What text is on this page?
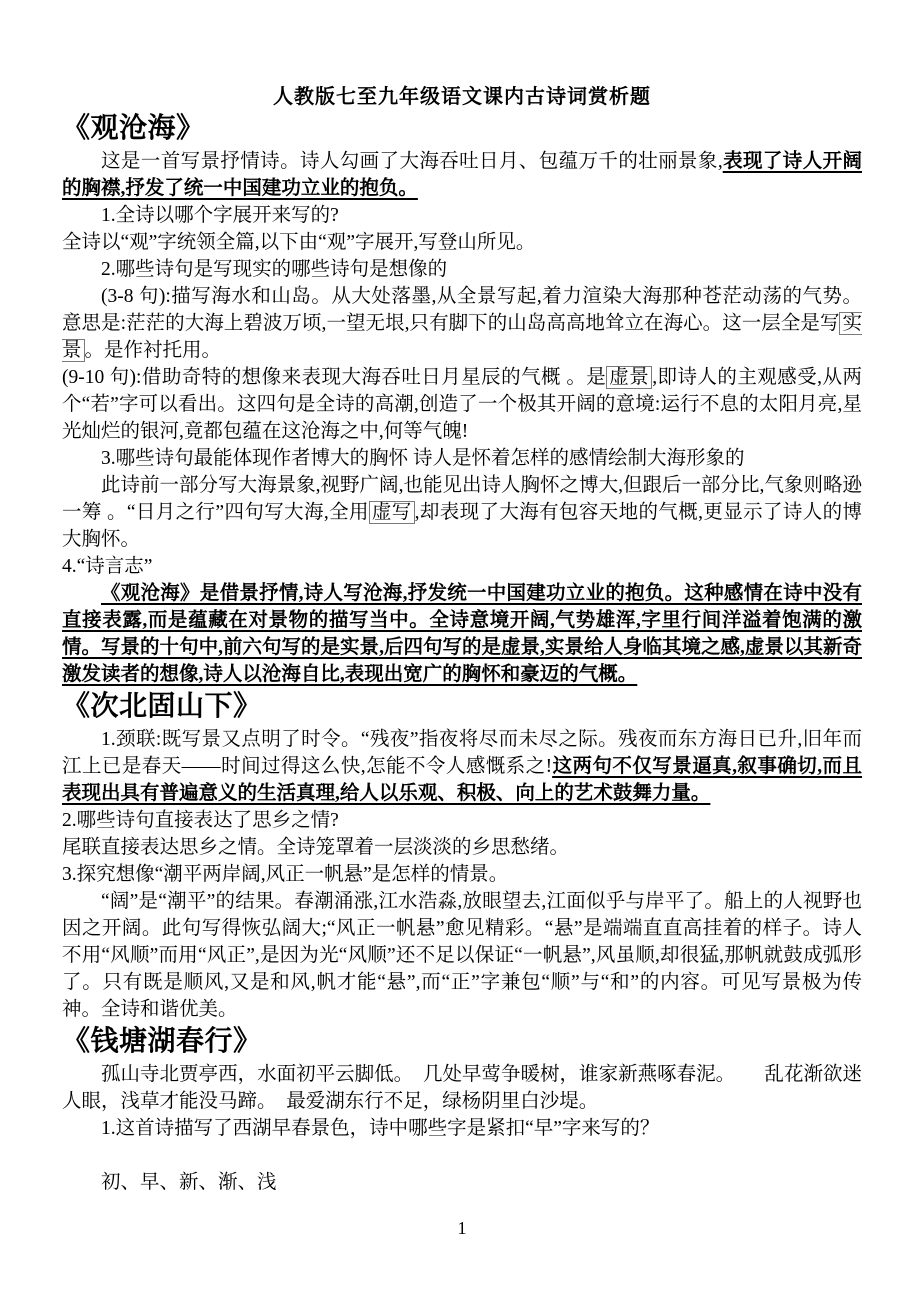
人教版七至九年级语文课内古诗词赏析题
《观沧海》
这是一首写景抒情诗。诗人勾画了大海吞吐日月、包蕴万千的壮丽景象,表现了诗人开阔的胸襟,抒发了统一中国建功立业的抱负。
1.全诗以哪个字展开来写的?
全诗以“观”字统领全篇,以下由“观”字展开,写登山所见。
2.哪些诗句是写现实的哪些诗句是想像的
(3-8 句):描写海水和山岛。从大处落墨,从全景写起,着力渲染大海那种苍茫动荡的气势。意思是:茫茫的大海上碧波万顷,一望无垠,只有脚下的山岛高高地耸立在海心。这一层全是写 实景 。是作衬托用。
(9-10 句):借助奇特的想像来表现大海吞吐日月星辰的气概 。是 虚景 ,即诗人的主观感受,从两个“若”字可以看出。这四句是全诗的高潮,创造了一个极其开阔的意境:运行不息的太阳月亮,星光灿烂的银河,竟都包蕴在这沧海之中,何等气魄!
3.哪些诗句最能体现作者博大的胸怀 诗人是怀着怎样的感情绘制大海形象的
此诗前一部分写大海景象,视野广阔,也能见出诗人胸怀之博大,但跟后一部分比,气象则略逊一筹 。“日月之行”四句写大海,全用 虚写 ,却表现了大海有包容天地的气概,更显示了诗人的博大胸怀。
4.“诗言志”
《观沧海》是借景抒情,诗人写沧海,抒发统一中国建功立业的抱负。这种感情在诗中没有直接表露,而是蕴藏在对景物的描写当中。全诗意境开阔,气势雄浑,字里行间洋溢着饱满的激情。写景的十句中,前六句写的是实景,后四句写的是虚景,实景给人身临其境之感,虚景以其新奇激发读者的想像,诗人以沧海自比,表现出宽广的胸怀和豪迈的气概。
《次北固山下》
1.颈联:既写景又点明了时令。“残夜”指夜将尽而未尽之际。残夜而东方海日已升,旧年而江上已是春天——时间过得这么快,怎能不令人感慨系之!这两句不仅写景逼真,叙事确切,而且表现出具有普遍意义的生活真理,给人以乐观、积极、向上的艺术鼓舞力量。
2.哪些诗句直接表达了思乡之情?
尾联直接表达思乡之情。全诗笼罩着一层淡淡的乡思愁绪。
3.探究想像“潮平两岸阔,风正一帆悬”是怎样的情景。
“阔”是“潮平”的结果。春潮涌涨,江水浩淼,放眼望去,江面似乎与岸平了。船上的人视野也因之开阔。此句写得恢弘阔大;“风正一帆悬”愈见精彩。“悬”是端端直直高挂着的样子。诗人不用“风顺”而用“风正”,是因为光“风顺”还不足以保证“一帆悬”,风虽顺,却很猛,那帆就鼓成弧形了。只有既是顺风,又是和风,帆才能“悬”,而“正”字兼包“顺”与“和”的内容。可见写景极为传神。全诗和谐优美。
《钱塘湖春行》
孤山寺北贾亭西，水面初平云脚低。　几处早莺争暖树，谁家新燕啄春泥。　　乱花渐欲迷人眼，浅草才能没马蹄。　最爱湖东行不足，绿杨阴里白沙堤。
1.这首诗描写了西湖早春景色，诗中哪些字是紧扣“早”字来写的？
初、早、新、渐、浅
1
